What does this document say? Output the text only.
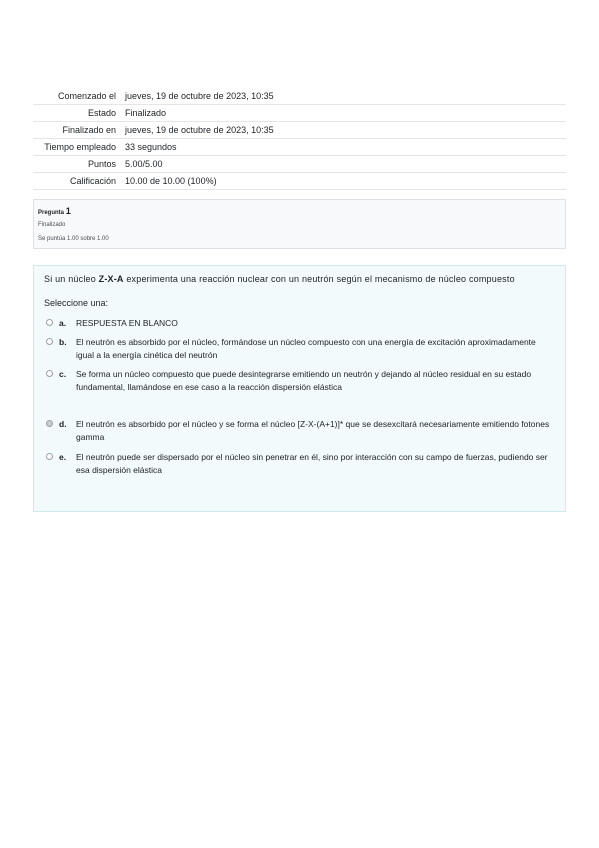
Comenzado el	jueves, 19 de octubre de 2023, 10:35
Estado	Finalizado
Finalizado en	jueves, 19 de octubre de 2023, 10:35
Tiempo empleado	33 segundos
Puntos	5.00/5.00
Calificación	10.00 de 10.00 (100%)
Pregunta 1
Finalizado
Se puntúa 1.00 sobre 1.00
Si un núcleo Z-X-A experimenta una reacción nuclear con un neutrón según el mecanismo de núcleo compuesto
Seleccione una:
a. RESPUESTA EN BLANCO
b. El neutrón es absorbido por el núcleo, formándose un núcleo compuesto con una energía de excitación aproximadamente igual a la energía cinética del neutrón
c. Se forma un núcleo compuesto que puede desintegrarse emitiendo un neutrón y dejando al núcleo residual en su estado fundamental, llamándose en ese caso a la reacción dispersión elástica
d. El neutrón es absorbido por el núcleo y se forma el núcleo [Z-X-(A+1)]* que se desexcitará necesariamente emitiendo fotones gamma
e. El neutrón puede ser dispersado por el núcleo sin penetrar en él, sino por interacción con su campo de fuerzas, pudiendo ser esa dispersión elástica
